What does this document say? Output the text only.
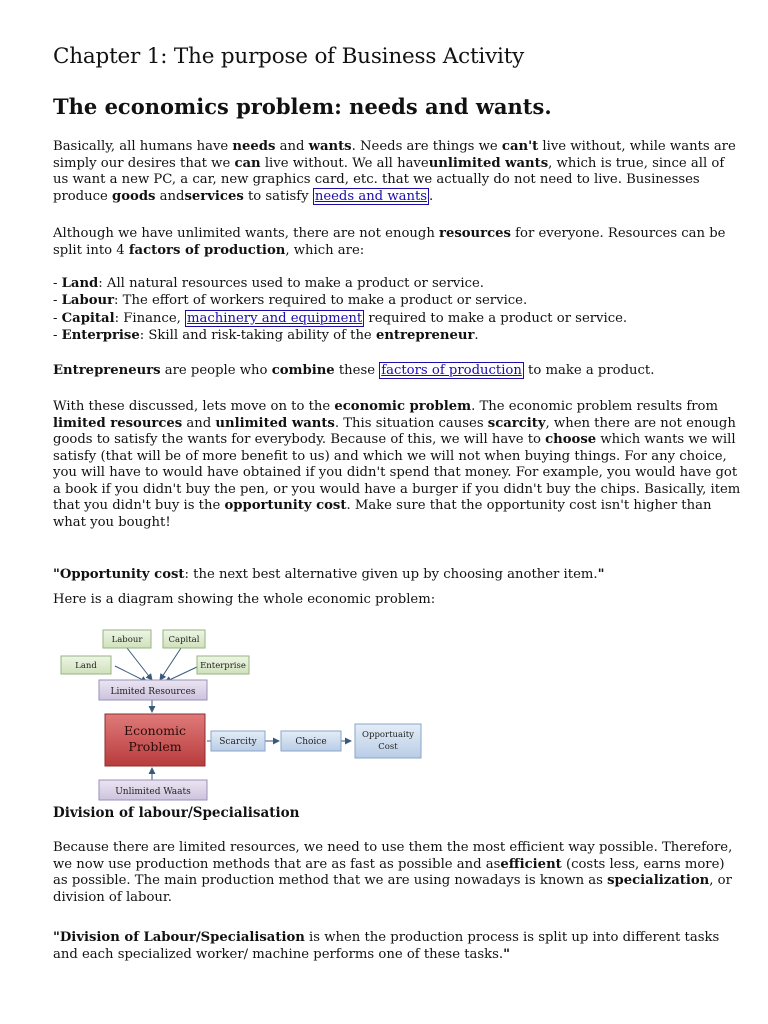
Chapter 1: The purpose of Business Activity
The economics problem: needs and wants.

Basically, all humans have needs and wants. Needs are things we can't live without, while wants are simply our desires that we can live without. We all haveunlimited wants, which is true, since all of us want a new PC, a car, new graphics card, etc. that we actually do not need to live. Businesses produce goods andservices to satisfy needs and wants .

Although we have unlimited wants, there are not enough resources for everyone. Resources can be split into 4 factors of production, which are:

- Land: All natural resources used to make a product or service.
- Labour: The effort of workers required to make a product or service.
- Capital: Finance, machinery and equipment required to make a product or service.
- Enterprise: Skill and risk-taking ability of the entrepreneur.

Entrepreneurs are people who combine these factors of production to make a product.

With these discussed, lets move on to the economic problem. The economic problem results from limited resources and unlimited wants. This situation causes scarcity, when there are not enough goods to satisfy the wants for everybody. Because of this, we will have to choose which wants we will satisfy (that will be of more benefit to us) and which we will not when buying things. For any choice, you will have to would have obtained if you didn't spend that money. For example, you would have got a book if you didn't buy the pen, or you would have a burger if you didn't buy the chips. Basically, item that you didn't buy is the opportunity cost. Make sure that the opportunity cost isn't higher than what you bought!

"Opportunity cost: the next best alternative given up by choosing another item."

Here is a diagram showing the whole economic problem:

Labour	Capital
Land	Enterprise
Limited Resources
Economic
Problem	Scarcity	Choice
Opportuaity
Cost
Unlimited Waats
Division of labour/Specialisation

Because there are limited resources, we need to use them the most efficient way possible. Therefore, we now use production methods that are as fast as possible and asefficient (costs less, earns more) as possible. The main production method that we are using nowadays is known as specialization, or division of labour.

"Division of Labour/Specialisation is when the production process is split up into different tasks and each specialized worker/ machine performs one of these tasks."
